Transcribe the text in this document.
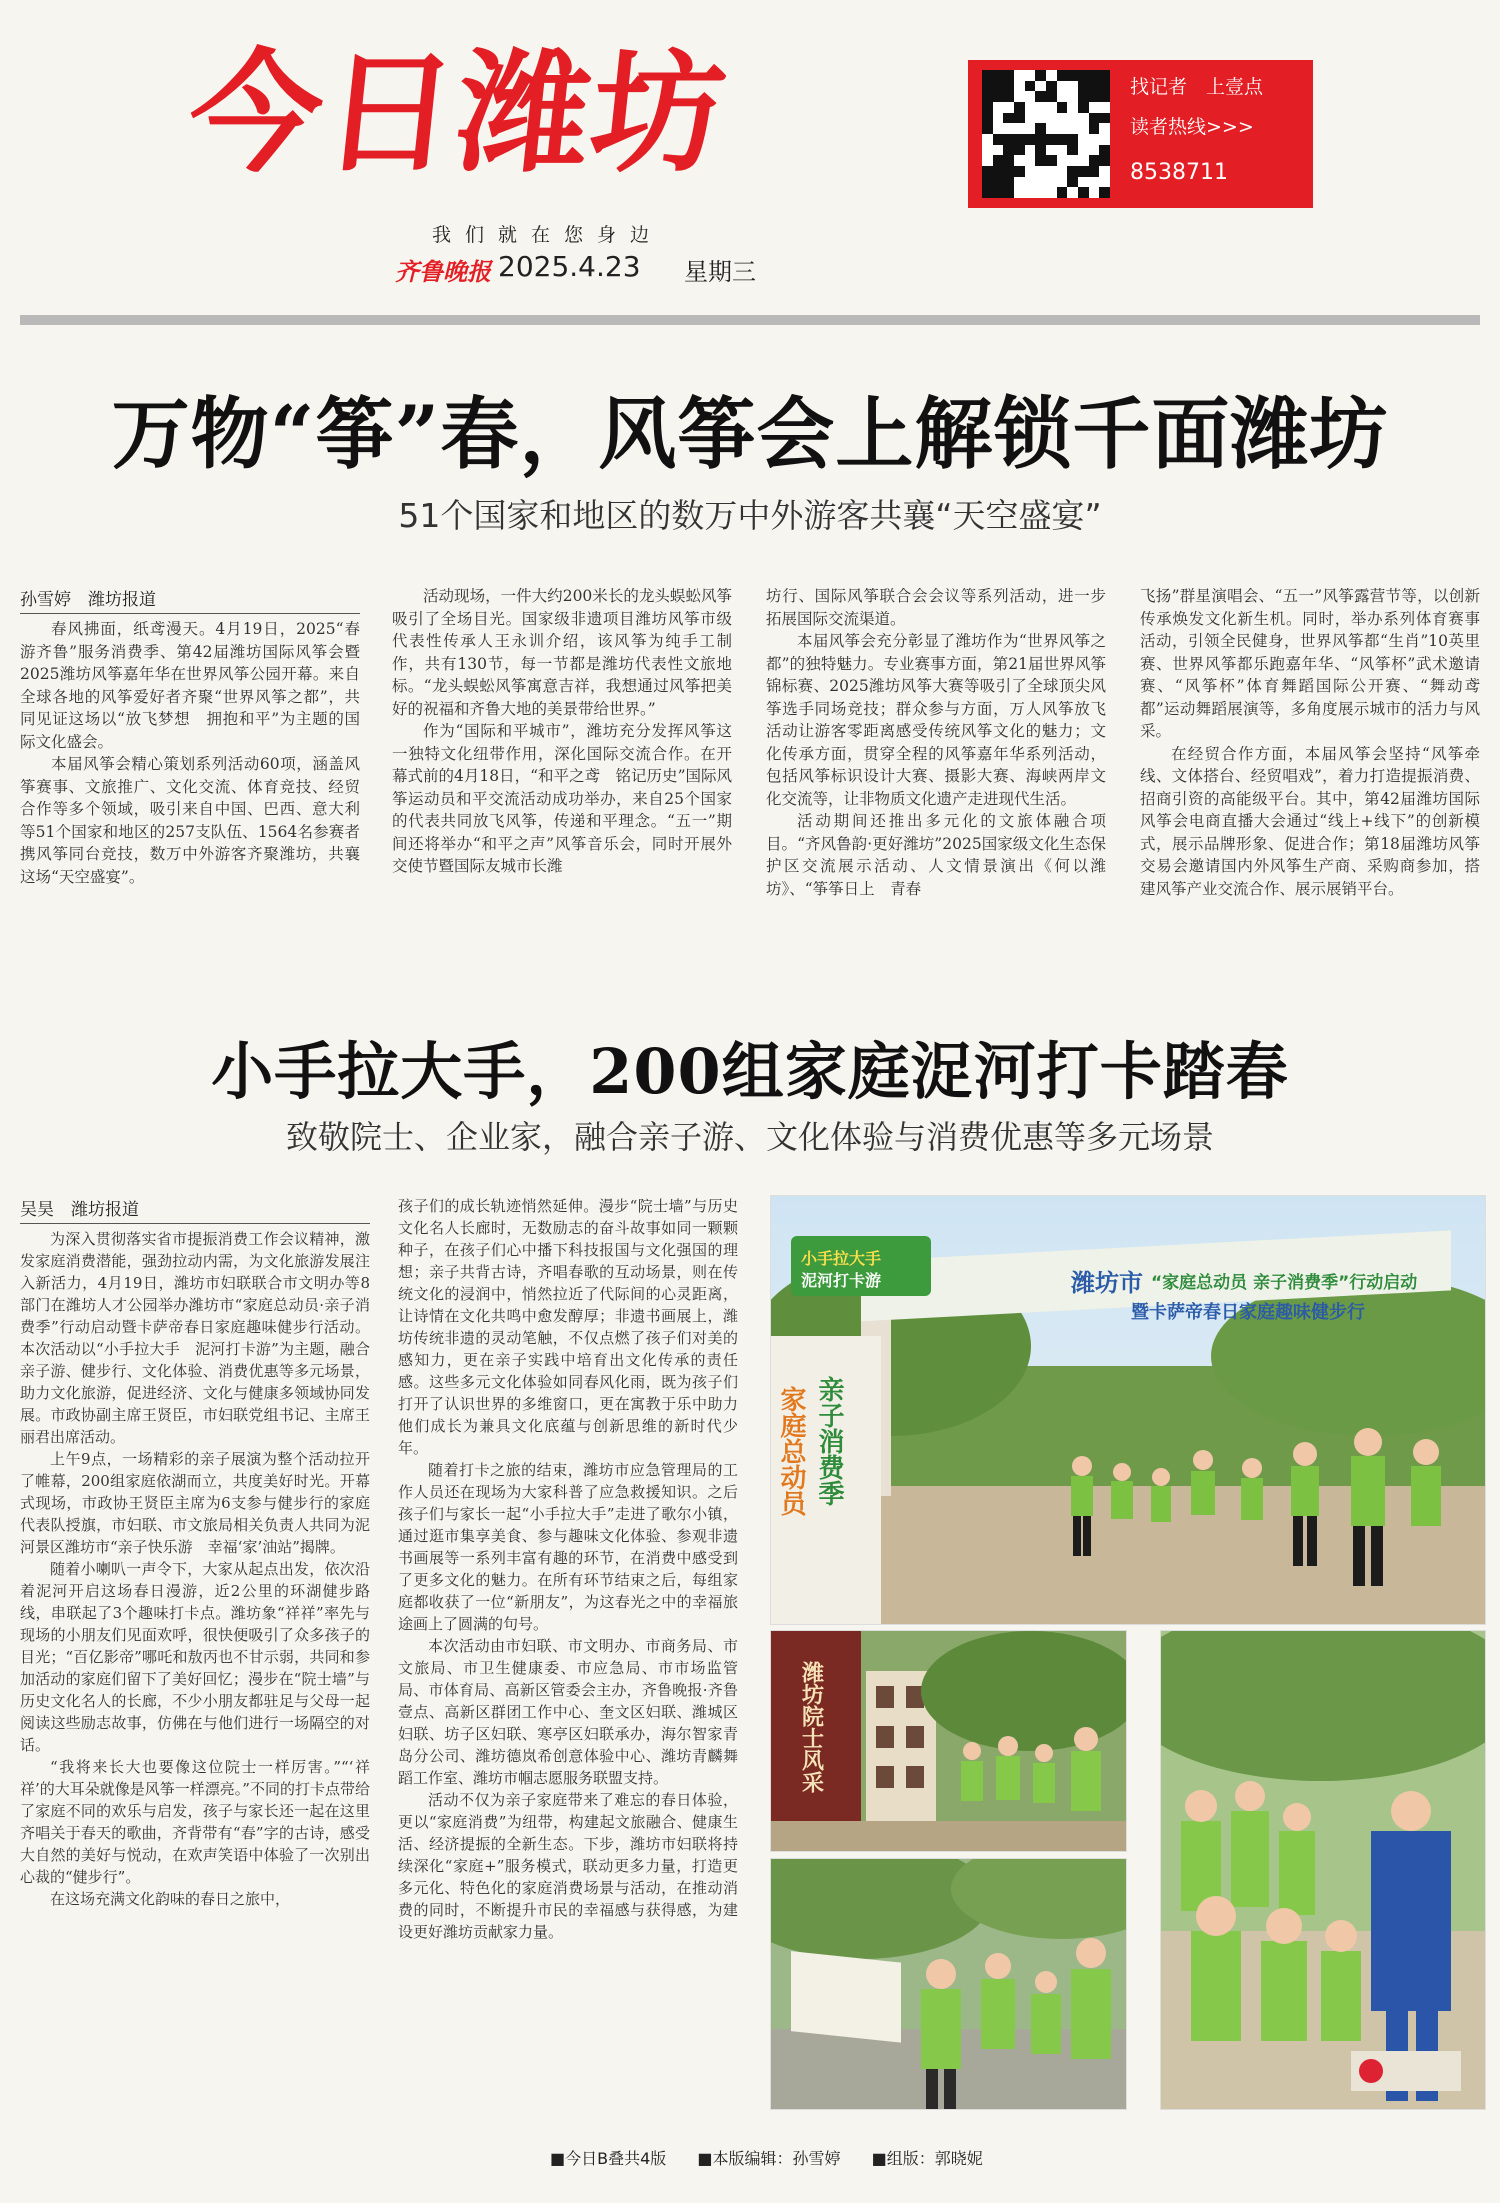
今日潍坊
我们就在您身边
齐鲁晚报 2025.4.23 星期三
找记者　上壹点
读者热线>>>
8538711
万物“筝”春，风筝会上解锁千面潍坊
51个国家和地区的数万中外游客共襄“天空盛宴”
孙雪婷　潍坊报道

春风拂面，纸鸢漫天。4月19日，2025“春游齐鲁”服务消费季、第42届潍坊国际风筝会暨2025潍坊风筝嘉年华在世界风筝公园开幕。来自全球各地的风筝爱好者齐聚“世界风筝之都”，共同见证这场以“放飞梦想　拥抱和平”为主题的国际文化盛会。

本届风筝会精心策划系列活动60项，涵盖风筝赛事、文旅推广、文化交流、体育竞技、经贸合作等多个领域，吸引来自中国、巴西、意大利等51个国家和地区的257支队伍、1564名参赛者携风筝同台竞技，数万中外游客齐聚潍坊，共襄这场“天空盛宴”。

活动现场，一件大约200米长的龙头蜈蚣风筝吸引了全场目光。国家级非遗项目潍坊风筝市级代表性传承人王永训介绍，该风筝为纯手工制作，共有130节，每一节都是潍坊代表性文旅地标。“龙头蜈蚣风筝寓意吉祥，我想通过风筝把美好的祝福和齐鲁大地的美景带给世界。”

作为“国际和平城市”，潍坊充分发挥风筝这一独特文化纽带作用，深化国际交流合作。在开幕式前的4月18日，“和平之鸢　铭记历史”国际风筝运动员和平交流活动成功举办，来自25个国家的代表共同放飞风筝，传递和平理念。“五一”期间还将举办“和平之声”风筝音乐会，同时开展外交使节暨国际友城市长潍

坊行、国际风筝联合会会议等系列活动，进一步拓展国际交流渠道。

本届风筝会充分彰显了潍坊作为“世界风筝之都”的独特魅力。专业赛事方面，第21届世界风筝锦标赛、2025潍坊风筝大赛等吸引了全球顶尖风筝选手同场竞技；群众参与方面，万人风筝放飞活动让游客零距离感受传统风筝文化的魅力；文化传承方面，贯穿全程的风筝嘉年华系列活动，包括风筝标识设计大赛、摄影大赛、海峡两岸文化交流等，让非物质文化遗产走进现代生活。

活动期间还推出多元化的文旅体融合项目。“齐风鲁韵·更好潍坊”2025国家级文化生态保护区交流展示活动、人文情景演出《何以潍坊》、“筝筝日上　青春

飞扬”群星演唱会、“五一”风筝露营节等，以创新传承焕发文化新生机。同时，举办系列体育赛事活动，引领全民健身，世界风筝都“生肖”10英里赛、世界风筝都乐跑嘉年华、“风筝杯”武术邀请赛、“风筝杯”体育舞蹈国际公开赛、“舞动鸢都”运动舞蹈展演等，多角度展示城市的活力与风采。

在经贸合作方面，本届风筝会坚持“风筝牵线、文体搭台、经贸唱戏”，着力打造提振消费、招商引资的高能级平台。其中，第42届潍坊国际风筝会电商直播大会通过“线上+线下”的创新模式，展示品牌形象、促进合作；第18届潍坊风筝交易会邀请国内外风筝生产商、采购商参加，搭建风筝产业交流合作、展示展销平台。

小手拉大手，200组家庭浞河打卡踏春
致敬院士、企业家，融合亲子游、文化体验与消费优惠等多元场景
吴昊　潍坊报道

为深入贯彻落实省市提振消费工作会议精神，激发家庭消费潜能，强劲拉动内需，为文化旅游发展注入新活力，4月19日，潍坊市妇联联合市文明办等8部门在潍坊人才公园举办潍坊市“家庭总动员·亲子消费季”行动启动暨卡萨帝春日家庭趣味健步行活动。本次活动以“小手拉大手　泥河打卡游”为主题，融合亲子游、健步行、文化体验、消费优惠等多元场景，助力文化旅游，促进经济、文化与健康多领域协同发展。市政协副主席王贤臣，市妇联党组书记、主席王丽君出席活动。

上午9点，一场精彩的亲子展演为整个活动拉开了帷幕，200组家庭依湖而立，共度美好时光。开幕式现场，市政协王贤臣主席为6支参与健步行的家庭代表队授旗，市妇联、市文旅局相关负责人共同为泥河景区潍坊市“亲子快乐游　幸福‘家’油站”揭牌。

随着小喇叭一声令下，大家从起点出发，依次沿着泥河开启这场春日漫游，近2公里的环湖健步路线，串联起了3个趣味打卡点。潍坊象“祥祥”率先与现场的小朋友们见面欢呼，很快便吸引了众多孩子的目光；“百亿影帝”哪吒和敖丙也不甘示弱，共同和参加活动的家庭们留下了美好回忆；漫步在“院士墙”与历史文化名人的长廊，不少小朋友都驻足与父母一起阅读这些励志故事，仿佛在与他们进行一场隔空的对话。

“我将来长大也要像这位院士一样厉害。”“‘祥祥’的大耳朵就像是风筝一样漂亮。”不同的打卡点带给了家庭不同的欢乐与启发，孩子与家长还一起在这里齐唱关于春天的歌曲，齐背带有“春”字的古诗，感受大自然的美好与悦动，在欢声笑语中体验了一次别出心裁的“健步行”。

在这场充满文化韵味的春日之旅中，

孩子们的成长轨迹悄然延伸。漫步“院士墙”与历史文化名人长廊时，无数励志的奋斗故事如同一颗颗种子，在孩子们心中播下科技报国与文化强国的理想；亲子共背古诗，齐唱春歌的互动场景，则在传统文化的浸润中，悄然拉近了代际间的心灵距离，让诗情在文化共鸣中愈发醇厚；非遗书画展上，潍坊传统非遗的灵动笔触，不仅点燃了孩子们对美的感知力，更在亲子实践中培育出文化传承的责任感。这些多元文化体验如同春风化雨，既为孩子们打开了认识世界的多维窗口，更在寓教于乐中助力他们成长为兼具文化底蕴与创新思维的新时代少年。

随着打卡之旅的结束，潍坊市应急管理局的工作人员还在现场为大家科普了应急救援知识。之后孩子们与家长一起“小手拉大手”走进了歌尔小镇，通过逛市集享美食、参与趣味文化体验、参观非遗书画展等一系列丰富有趣的环节，在消费中感受到了更多文化的魅力。在所有环节结束之后，每组家庭都收获了一位“新朋友”，为这春光之中的幸福旅途画上了圆满的句号。

本次活动由市妇联、市文明办、市商务局、市文旅局、市卫生健康委、市应急局、市市场监管局、市体育局、高新区管委会主办，齐鲁晚报·齐鲁壹点、高新区群团工作中心、奎文区妇联、潍城区妇联、坊子区妇联、寒亭区妇联承办，海尔智家青岛分公司、潍坊德岚希创意体验中心、潍坊青麟舞蹈工作室、潍坊市帼志愿服务联盟支持。

活动不仅为亲子家庭带来了难忘的春日体验，更以“家庭消费”为纽带，构建起文旅融合、健康生活、经济提振的全新生态。下步，潍坊市妇联将持续深化“家庭+”服务模式，联动更多力量，打造更多元化、特色化的家庭消费场景与活动，在推动消费的同时，不断提升市民的幸福感与获得感，为建设更好潍坊贡献家力量。

潍坊市 “家庭总动员 亲子消费季”行动启动
暨卡萨帝春日家庭趣味健步行
小手拉大手
泥河打卡游
亲子消费季
家庭总动员
潍坊院士风采
■今日B叠共4版 ■本版编辑：孙雪婷 ■组版：郭晓妮
